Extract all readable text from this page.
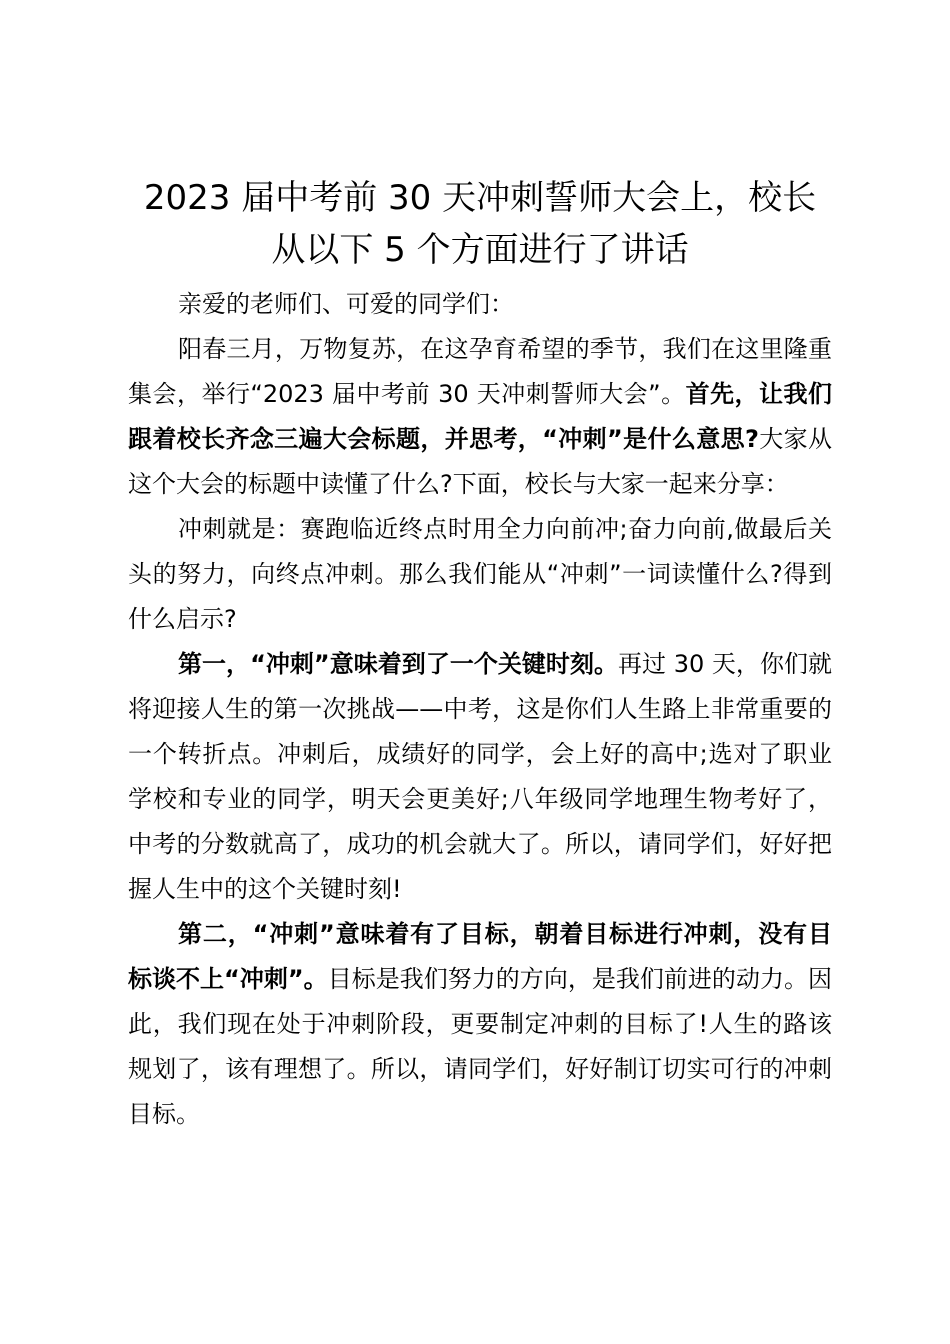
2023 届中考前 30 天冲刺誓师大会上，校长
从以下 5 个方面进行了讲话

亲爱的老师们、可爱的同学们：

阳春三月，万物复苏，在这孕育希望的季节，我们在这里隆重集会，举行“2023 届中考前 30 天冲刺誓师大会”。首先，让我们跟着校长齐念三遍大会标题，并思考，“冲刺”是什么意思?大家从这个大会的标题中读懂了什么?下面，校长与大家一起来分享：

冲刺就是：赛跑临近终点时用全力向前冲;奋力向前,做最后关头的努力，向终点冲刺。那么我们能从“冲刺”一词读懂什么?得到什么启示?

第一，“冲刺”意味着到了一个关键时刻。再过 30 天，你们就将迎接人生的第一次挑战——中考，这是你们人生路上非常重要的一个转折点。冲刺后，成绩好的同学，会上好的高中;选对了职业学校和专业的同学，明天会更美好;八年级同学地理生物考好了，中考的分数就高了，成功的机会就大了。所以，请同学们，好好把握人生中的这个关键时刻!

第二，“冲刺”意味着有了目标，朝着目标进行冲刺，没有目标谈不上“冲刺”。目标是我们努力的方向，是我们前进的动力。因此，我们现在处于冲刺阶段，更要制定冲刺的目标了!人生的路该规划了，该有理想了。所以，请同学们，好好制订切实可行的冲刺目标。
